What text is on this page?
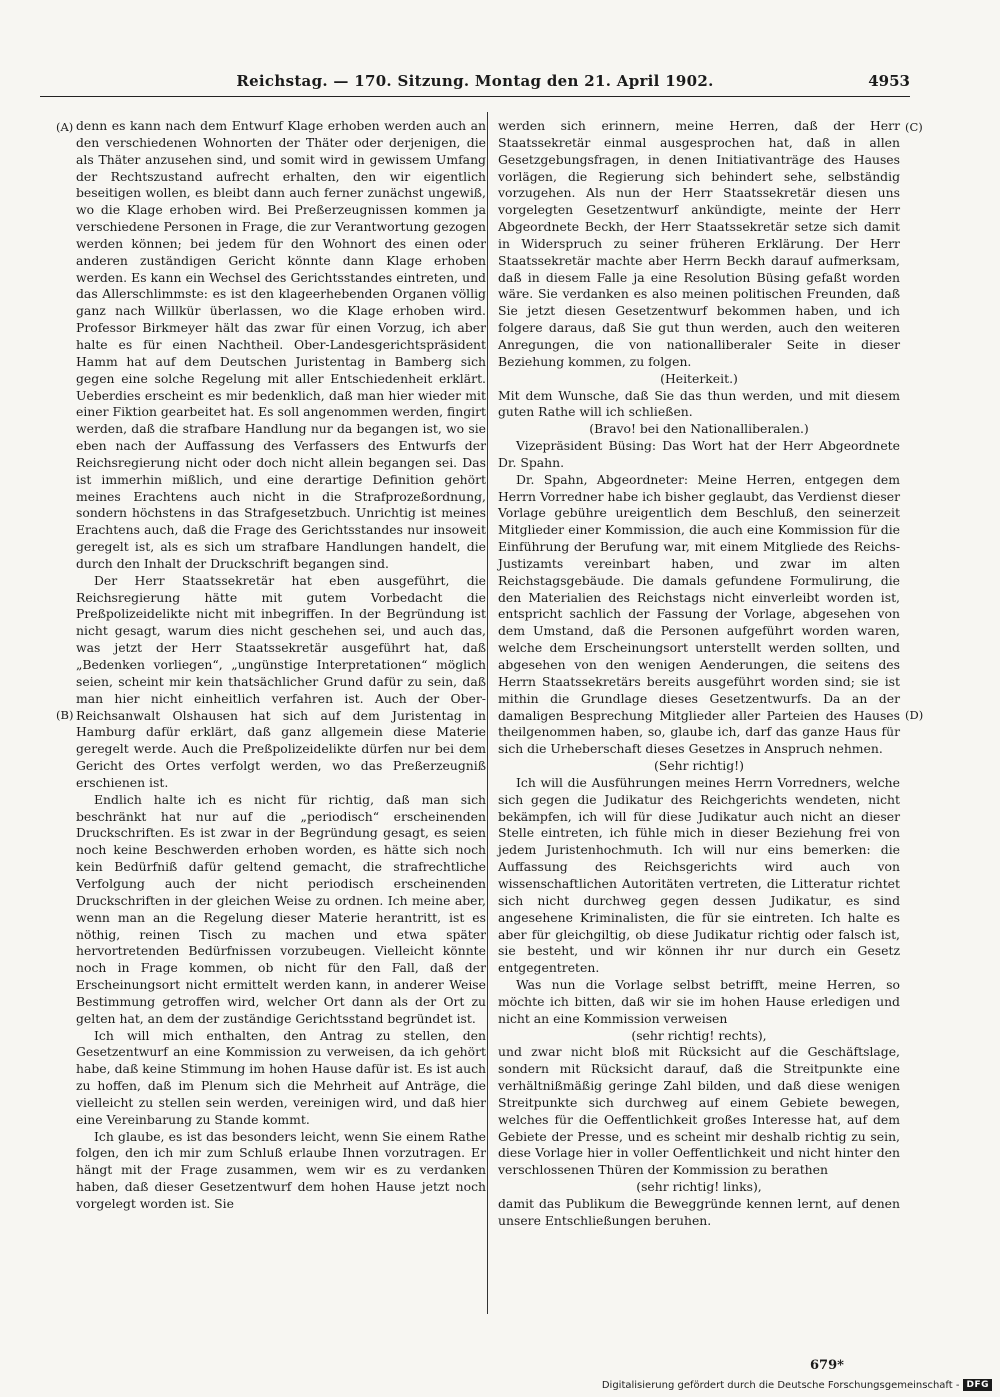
Reichstag. — 170. Sitzung. Montag den 21. April 1902.	4953
(A)
(B)
(C)
(D)

denn es kann nach dem Entwurf Klage erhoben werden auch an den verschiedenen Wohnorten der Thäter oder derjenigen, die als Thäter anzusehen sind, und somit wird in gewissem Umfang der Rechtszustand aufrecht erhalten, den wir eigentlich beseitigen wollen, es bleibt dann auch ferner zunächst ungewiß, wo die Klage erhoben wird. Bei Preßerzeugnissen kommen ja verschiedene Personen in Frage, die zur Verantwortung gezogen werden können; bei jedem für den Wohnort des einen oder anderen zuständigen Gericht könnte dann Klage erhoben werden. Es kann ein Wechsel des Gerichtsstandes eintreten, und das Allerschlimmste: es ist den klageerhebenden Organen völlig ganz nach Willkür überlassen, wo die Klage erhoben wird. Professor Birkmeyer hält das zwar für einen Vorzug, ich aber halte es für einen Nachtheil. Ober-Landesgerichtspräsident Hamm hat auf dem Deutschen Juristentag in Bamberg sich gegen eine solche Regelung mit aller Entschiedenheit erklärt. Ueberdies erscheint es mir bedenklich, daß man hier wieder mit einer Fiktion gearbeitet hat. Es soll angenommen werden, fingirt werden, daß die strafbare Handlung nur da begangen ist, wo sie eben nach der Auffassung des Verfassers des Entwurfs der Reichsregierung nicht oder doch nicht allein begangen sei. Das ist immerhin mißlich, und eine derartige Definition gehört meines Erachtens auch nicht in die Strafprozeßordnung, sondern höchstens in das Strafgesetzbuch. Unrichtig ist meines Erachtens auch, daß die Frage des Gerichtsstandes nur insoweit geregelt ist, als es sich um strafbare Handlungen handelt, die durch den Inhalt der Druckschrift begangen sind.

Der Herr Staatssekretär hat eben ausgeführt, die Reichsregierung hätte mit gutem Vorbedacht die Preßpolizeidelikte nicht mit inbegriffen. In der Begründung ist nicht gesagt, warum dies nicht geschehen sei, und auch das, was jetzt der Herr Staatssekretär ausgeführt hat, daß „Bedenken vorliegen“, „ungünstige Interpretationen“ möglich seien, scheint mir kein thatsächlicher Grund dafür zu sein, daß man hier nicht einheitlich verfahren ist. Auch der Ober-Reichsanwalt Olshausen hat sich auf dem Juristentag in Hamburg dafür erklärt, daß ganz allgemein diese Materie geregelt werde. Auch die Preßpolizeidelikte dürfen nur bei dem Gericht des Ortes verfolgt werden, wo das Preßerzeugniß erschienen ist.

Endlich halte ich es nicht für richtig, daß man sich beschränkt hat nur auf die „periodisch“ erscheinenden Druckschriften. Es ist zwar in der Begründung gesagt, es seien noch keine Beschwerden erhoben worden, es hätte sich noch kein Bedürfniß dafür geltend gemacht, die strafrechtliche Verfolgung auch der nicht periodisch erscheinenden Druckschriften in der gleichen Weise zu ordnen. Ich meine aber, wenn man an die Regelung dieser Materie herantritt, ist es nöthig, reinen Tisch zu machen und etwa später hervortretenden Bedürfnissen vorzubeugen. Vielleicht könnte noch in Frage kommen, ob nicht für den Fall, daß der Erscheinungsort nicht ermittelt werden kann, in anderer Weise Bestimmung getroffen wird, welcher Ort dann als der Ort zu gelten hat, an dem der zuständige Gerichtsstand begründet ist.

Ich will mich enthalten, den Antrag zu stellen, den Gesetzentwurf an eine Kommission zu verweisen, da ich gehört habe, daß keine Stimmung im hohen Hause dafür ist. Es ist auch zu hoffen, daß im Plenum sich die Mehrheit auf Anträge, die vielleicht zu stellen sein werden, vereinigen wird, und daß hier eine Vereinbarung zu Stande kommt.

Ich glaube, es ist das besonders leicht, wenn Sie einem Rathe folgen, den ich mir zum Schluß erlaube Ihnen vorzutragen. Er hängt mit der Frage zusammen, wem wir es zu verdanken haben, daß dieser Gesetzentwurf dem hohen Hause jetzt noch vorgelegt worden ist. Sie

werden sich erinnern, meine Herren, daß der Herr Staatssekretär einmal ausgesprochen hat, daß in allen Gesetzgebungsfragen, in denen Initiativanträge des Hauses vorlägen, die Regierung sich behindert sehe, selbständig vorzugehen. Als nun der Herr Staatssekretär diesen uns vorgelegten Gesetzentwurf ankündigte, meinte der Herr Abgeordnete Beckh, der Herr Staatssekretär setze sich damit in Widerspruch zu seiner früheren Erklärung. Der Herr Staatssekretär machte aber Herrn Beckh darauf aufmerksam, daß in diesem Falle ja eine Resolution Büsing gefaßt worden wäre. Sie verdanken es also meinen politischen Freunden, daß Sie jetzt diesen Gesetzentwurf bekommen haben, und ich folgere daraus, daß Sie gut thun werden, auch den weiteren Anregungen, die von nationalliberaler Seite in dieser Beziehung kommen, zu folgen.

(Heiterkeit.)

Mit dem Wunsche, daß Sie das thun werden, und mit diesem guten Rathe will ich schließen.

(Bravo! bei den Nationalliberalen.)

Vizepräsident Büsing: Das Wort hat der Herr Abgeordnete Dr. Spahn.

Dr. Spahn, Abgeordneter: Meine Herren, entgegen dem Herrn Vorredner habe ich bisher geglaubt, das Verdienst dieser Vorlage gebühre ureigentlich dem Beschluß, den seinerzeit Mitglieder einer Kommission, die auch eine Kommission für die Einführung der Berufung war, mit einem Mitgliede des Reichs-Justizamts vereinbart haben, und zwar im alten Reichstagsgebäude. Die damals gefundene Formulirung, die den Materialien des Reichstags nicht einverleibt worden ist, entspricht sachlich der Fassung der Vorlage, abgesehen von dem Umstand, daß die Personen aufgeführt worden waren, welche dem Erscheinungsort unterstellt werden sollten, und abgesehen von den wenigen Aenderungen, die seitens des Herrn Staatssekretärs bereits ausgeführt worden sind; sie ist mithin die Grundlage dieses Gesetzentwurfs. Da an der damaligen Besprechung Mitglieder aller Parteien des Hauses theilgenommen haben, so, glaube ich, darf das ganze Haus für sich die Urheberschaft dieses Gesetzes in Anspruch nehmen.

(Sehr richtig!)

Ich will die Ausführungen meines Herrn Vorredners, welche sich gegen die Judikatur des Reichgerichts wendeten, nicht bekämpfen, ich will für diese Judikatur auch nicht an dieser Stelle eintreten, ich fühle mich in dieser Beziehung frei von jedem Juristenhochmuth. Ich will nur eins bemerken: die Auffassung des Reichsgerichts wird auch von wissenschaftlichen Autoritäten vertreten, die Litteratur richtet sich nicht durchweg gegen dessen Judikatur, es sind angesehene Kriminalisten, die für sie eintreten. Ich halte es aber für gleichgiltig, ob diese Judikatur richtig oder falsch ist, sie besteht, und wir können ihr nur durch ein Gesetz entgegentreten.

Was nun die Vorlage selbst betrifft, meine Herren, so möchte ich bitten, daß wir sie im hohen Hause erledigen und nicht an eine Kommission verweisen

(sehr richtig! rechts),

und zwar nicht bloß mit Rücksicht auf die Geschäftslage, sondern mit Rücksicht darauf, daß die Streitpunkte eine verhältnißmäßig geringe Zahl bilden, und daß diese wenigen Streitpunkte sich durchweg auf einem Gebiete bewegen, welches für die Oeffentlichkeit großes Interesse hat, auf dem Gebiete der Presse, und es scheint mir deshalb richtig zu sein, diese Vorlage hier in voller Oeffentlichkeit und nicht hinter den verschlossenen Thüren der Kommission zu berathen

(sehr richtig! links),

damit das Publikum die Beweggründe kennen lernt, auf denen unsere Entschließungen beruhen.

679*
Digitalisierung gefördert durch die Deutsche Forschungsgemeinschaft - DFG
